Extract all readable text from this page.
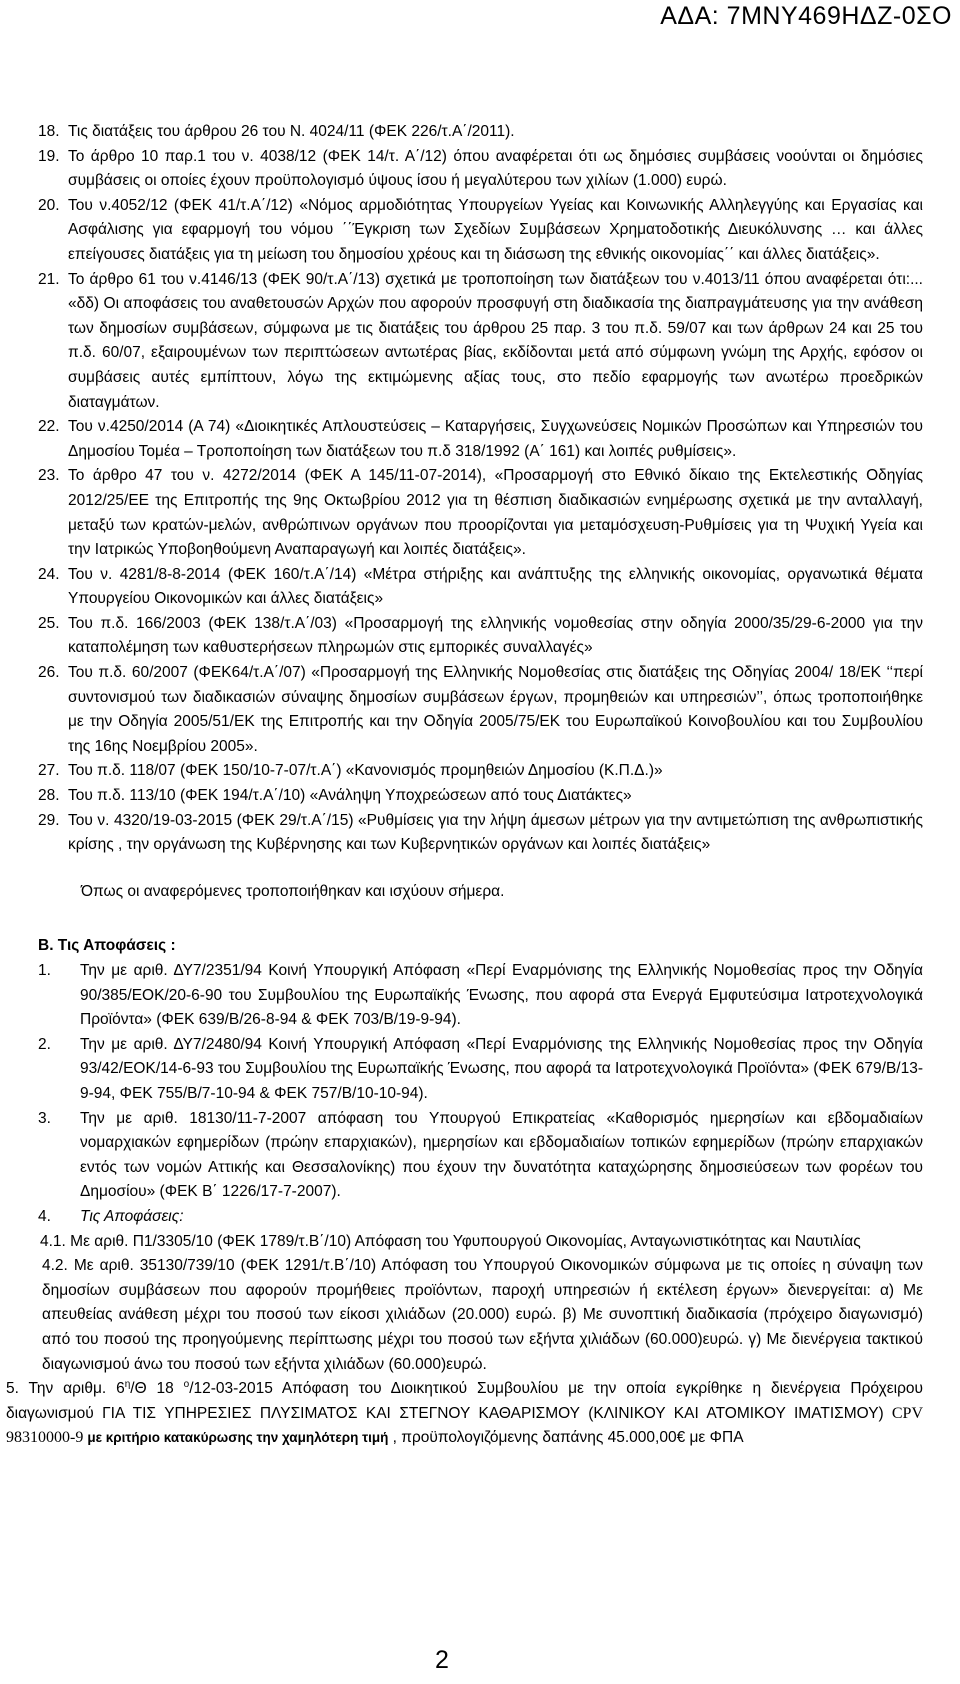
ΑΔΑ: 7ΜΝΥ469ΗΔΖ-0ΣΟ
18. Τις διατάξεις του άρθρου 26 του Ν. 4024/11 (ΦΕΚ 226/τ.Α΄/2011).
19. Το άρθρο 10 παρ.1 του ν. 4038/12 (ΦΕΚ 14/τ. Α΄/12) όπου αναφέρεται ότι ως δημόσιες συμβάσεις νοούνται οι δημόσιες συμβάσεις οι οποίες έχουν προϋπολογισμό ύψους ίσου ή μεγαλύτερου των χιλίων (1.000) ευρώ.
20. Του ν.4052/12 (ΦΕΚ 41/τ.Α΄/12) «Νόμος αρμοδιότητας Υπουργείων Υγείας και Κοινωνικής Αλληλεγγύης και Εργασίας και Ασφάλισης για εφαρμογή του νόμου ΄΄Έγκριση των Σχεδίων Συμβάσεων Χρηματοδοτικής Διευκόλυνσης … και άλλες επείγουσες διατάξεις για τη μείωση του δημοσίου χρέους και τη διάσωση της εθνικής οικονομίας΄΄ και άλλες διατάξεις».
21. Το άρθρο 61 του ν.4146/13 (ΦΕΚ 90/τ.Α΄/13) σχετικά με τροποποίηση των διατάξεων του ν.4013/11 όπου αναφέρεται ότι:... «δδ) Οι αποφάσεις του αναθετουσών Αρχών που αφορούν προσφυγή στη διαδικασία της διαπραγμάτευσης για την ανάθεση των δημοσίων συμβάσεων, σύμφωνα με τις διατάξεις του άρθρου 25 παρ. 3 του π.δ. 59/07 και των άρθρων 24 και 25 του π.δ. 60/07, εξαιρουμένων των περιπτώσεων αντωτέρας βίας, εκδίδονται μετά από σύμφωνη γνώμη της Αρχής, εφόσον οι συμβάσεις αυτές εμπίπτουν, λόγω της εκτιμώμενης αξίας τους, στο πεδίο εφαρμογής των ανωτέρω προεδρικών διαταγμάτων.
22. Του ν.4250/2014 (Α 74) «Διοικητικές Απλουστεύσεις – Καταργήσεις, Συγχωνεύσεις Νομικών Προσώπων και Υπηρεσιών του Δημοσίου Τομέα – Τροποποίηση των διατάξεων του π.δ 318/1992 (Α΄ 161) και λοιπές ρυθμίσεις».
23. Το άρθρο 47 του ν. 4272/2014 (ΦΕΚ Α 145/11-07-2014), «Προσαρμογή στο Εθνικό δίκαιο της Εκτελεστικής Οδηγίας 2012/25/ΕΕ της Επιτροπής της 9ης Οκτωβρίου 2012 για τη θέσπιση διαδικασιών ενημέρωσης σχετικά με την ανταλλαγή, μεταξύ των κρατών-μελών, ανθρώπινων οργάνων που προορίζονται για μεταμόσχευση-Ρυθμίσεις για τη Ψυχική Υγεία και την Ιατρικώς Υποβοηθούμενη Αναπαραγωγή και λοιπές διατάξεις».
24. Του ν. 4281/8-8-2014 (ΦΕΚ 160/τ.Α΄/14) «Μέτρα στήριξης και ανάπτυξης της ελληνικής οικονομίας, οργανωτικά θέματα Υπουργείου Οικονομικών και άλλες διατάξεις»
25. Του π.δ. 166/2003 (ΦΕΚ 138/τ.Α΄/03) «Προσαρμογή της ελληνικής νομοθεσίας στην οδηγία 2000/35/29-6-2000 για την καταπολέμηση των καθυστερήσεων πληρωμών στις εμπορικές συναλλαγές»
26. Του π.δ. 60/2007 (ΦΕΚ64/τ.Α΄/07) «Προσαρμογή της Ελληνικής Νομοθεσίας στις διατάξεις της Οδηγίας 2004/ 18/ΕΚ ‘‘περί συντονισμού των διαδικασιών σύναψης δημοσίων συμβάσεων έργων, προμηθειών και υπηρεσιών’’, όπως τροποποιήθηκε με την Οδηγία 2005/51/ΕΚ της Επιτροπής και την Οδηγία 2005/75/ΕΚ του Ευρωπαϊκού Κοινοβουλίου και του Συμβουλίου της 16ης Νοεμβρίου 2005».
27. Του π.δ. 118/07 (ΦΕΚ 150/10-7-07/τ.Α΄) «Κανονισμός προμηθειών Δημοσίου (Κ.Π.Δ.)»
28. Του π.δ. 113/10 (ΦΕΚ 194/τ.Α΄/10) «Ανάληψη Υποχρεώσεων από τους Διατάκτες»
29. Του ν. 4320/19-03-2015 (ΦΕΚ 29/τ.Α΄/15) «Ρυθμίσεις για την λήψη άμεσων μέτρων για την αντιμετώπιση της ανθρωπιστικής κρίσης , την οργάνωση της Κυβέρνησης και των Κυβερνητικών οργάνων και λοιπές διατάξεις»
Όπως οι αναφερόμενες τροποποιήθηκαν και ισχύουν σήμερα.
Β. Τις Αποφάσεις :
1.	Την με αριθ. ΔΥ7/2351/94 Κοινή Υπουργική Απόφαση «Περί Εναρμόνισης της Ελληνικής Νομοθεσίας προς την Οδηγία 90/385/ΕΟΚ/20-6-90 του Συμβουλίου της Ευρωπαϊκής Ένωσης, που αφορά στα Ενεργά Εμφυτεύσιμα Ιατροτεχνολογικά Προϊόντα» (ΦΕΚ 639/Β/26-8-94 & ΦΕΚ 703/Β/19-9-94).
2.	Την με αριθ. ΔΥ7/2480/94 Κοινή Υπουργική Απόφαση «Περί Εναρμόνισης της Ελληνικής Νομοθεσίας προς την Οδηγία 93/42/ΕΟΚ/14-6-93 του Συμβουλίου της Ευρωπαϊκής Ένωσης, που αφορά τα Ιατροτεχνολογικά Προϊόντα» (ΦΕΚ 679/Β/13-9-94, ΦΕΚ 755/Β/7-10-94 & ΦΕΚ 757/Β/10-10-94).
3.	Την με αριθ. 18130/11-7-2007 απόφαση του Υπουργού Επικρατείας «Καθορισμός ημερησίων και εβδομαδιαίων νομαρχιακών εφημερίδων (πρώην επαρχιακών), ημερησίων και εβδομαδιαίων τοπικών εφημερίδων (πρώην επαρχιακών εντός των νομών Αττικής και Θεσσαλονίκης) που έχουν την δυνατότητα καταχώρησης δημοσιεύσεων των φορέων του Δημοσίου» (ΦΕΚ Β΄ 1226/17-7-2007).
4.	Τις Αποφάσεις:
4.1. Με αριθ. Π1/3305/10 (ΦΕΚ 1789/τ.Β΄/10) Απόφαση του Υφυπουργού Οικονομίας, Ανταγωνιστικότητας και Ναυτιλίας
4.2. Με αριθ. 35130/739/10 (ΦΕΚ 1291/τ.Β΄/10) Απόφαση του Υπουργού Οικονομικών σύμφωνα με τις οποίες η σύναψη των δημοσίων συμβάσεων που αφορούν προμήθειες προϊόντων, παροχή υπηρεσιών ή εκτέλεση έργων» διενεργείται: α) Με απευθείας ανάθεση μέχρι του ποσού των είκοσι χιλιάδων (20.000) ευρώ. β) Με συνοπτική διαδικασία (πρόχειρο διαγωνισμό) από του ποσού της προηγούμενης περίπτωσης μέχρι του ποσού των εξήντα χιλιάδων (60.000)ευρώ. γ) Με διενέργεια τακτικού διαγωνισμού άνω του ποσού των εξήντα χιλιάδων (60.000)ευρώ.
5. Την αριθμ. $6^\eta/\Theta$ 18 $^o$/12-03-2015 Απόφαση του Διοικητικού Συμβουλίου με την οποία εγκρίθηκε η διενέργεια Πρόχειρου διαγωνισμού ΓΙΑ ΤΙΣ ΥΠΗΡΕΣΙΕΣ ΠΛΥΣΙΜΑΤΟΣ ΚΑΙ ΣΤΕΓΝΟΥ ΚΑΘΑΡΙΣΜΟΥ (ΚΛΙΝΙΚΟΥ ΚΑΙ ΑΤΟΜΙΚΟΥ ΙΜΑΤΙΣΜΟΥ) CPV 98310000-9 με κριτήριο κατακύρωσης την χαμηλότερη τιμή , προϋπολογιζόμενης δαπάνης 45.000,00€ με ΦΠΑ
2
